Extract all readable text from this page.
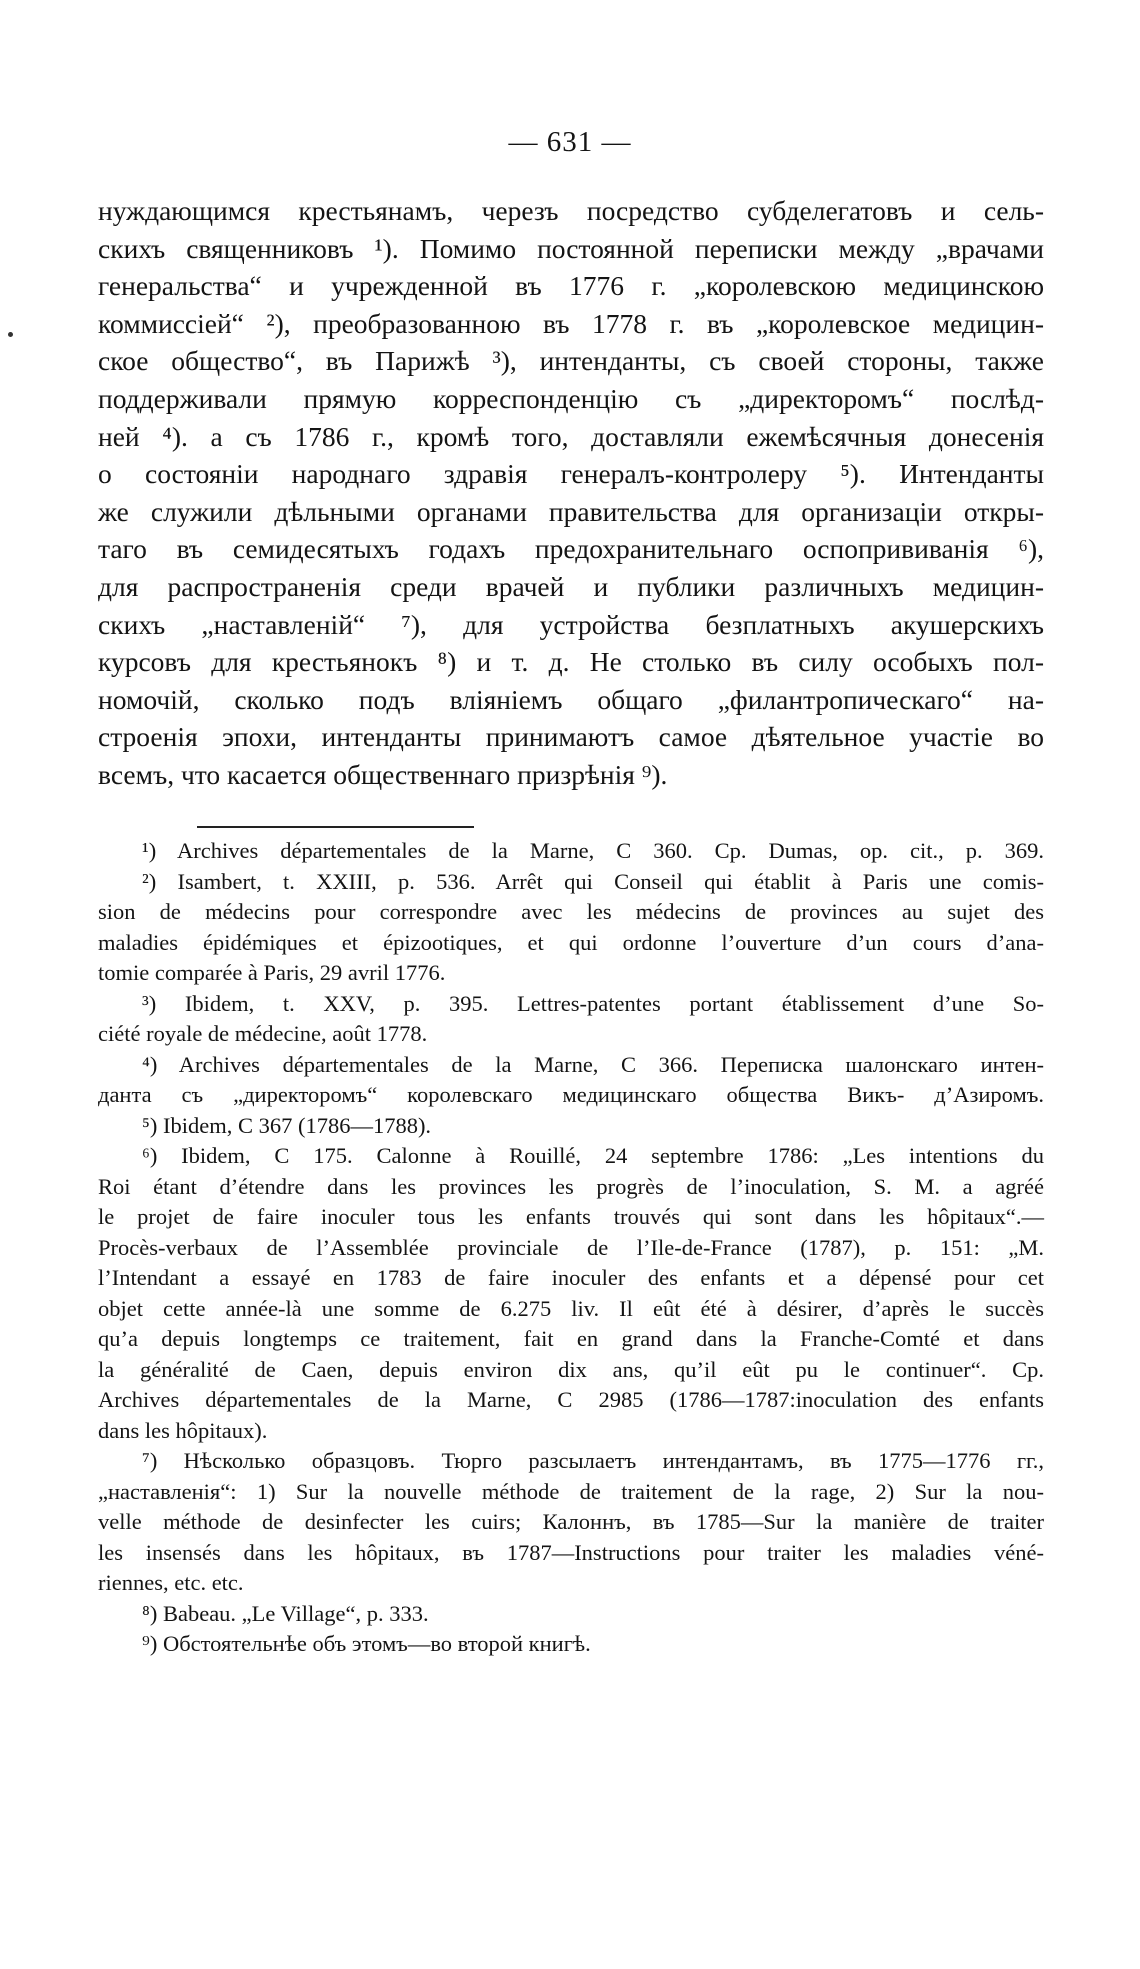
— 631 —
нуждающимся крестьянамъ, черезъ посредство субделегатовъ и сель-
скихъ священниковъ ¹). Помимо постоянной переписки между „врачами
генеральства“ и учрежденной въ 1776 г. „королевскою медицинскою
коммиссіей“ ²), преобразованною въ 1778 г. въ „королевское медицин-
ское общество“, въ Парижѣ ³), интенданты, съ своей стороны, также
поддерживали прямую корреспонденцію съ „директоромъ“ послѣд-
ней ⁴). а съ 1786 г., кромѣ того, доставляли ежемѣсячныя донесенія
о состояніи народнаго здравія генералъ-контролеру ⁵). Интенданты
же служили дѣльными органами правительства для организаціи откры-
таго въ семидесятыхъ годахъ предохранительнаго оспопрививанія ⁶),
для распространенія среди врачей и публики различныхъ медицин-
скихъ „наставленій“ ⁷), для устройства безплатныхъ акушерскихъ
курсовъ для крестьянокъ ⁸) и т. д. Не столько въ силу особыхъ пол-
номочій, сколько подъ вліяніемъ общаго „филантропическаго“ на-
строенія эпохи, интенданты принимаютъ самое дѣятельное участіе во
всемъ, что касается общественнаго призрѣнія ⁹).
¹) Archives départementales de la Marne, C 360. Cp. Dumas, op. cit., p. 369.
²) Isambert, t. XXIII, p. 536. Arrêt qui Conseil qui établit à Paris une comis-
sion de médecins pour correspondre avec les médecins de provinces au sujet des
maladies épidémiques et épizootiques, et qui ordonne l’ouverture d’un cours d’ana-
tomie comparée à Paris, 29 avril 1776.
³) Ibidem, t. XXV, p. 395. Lettres-patentes portant établissement d’une So-
ciété royale de médecine, août 1778.
⁴) Archives départementales de la Marne, C 366. Переписка шалонскаго интен-
данта съ „директоромъ“ королевскаго медицинскаго общества Викъ- д’Азиромъ.
⁵) Ibidem, C 367 (1786—1788).
⁶) Ibidem, C 175. Calonne à Rouillé, 24 septembre 1786: „Les intentions du
Roi étant d’étendre dans les provinces les progrès de l’inoculation, S. M. a agréé
le projet de faire inoculer tous les enfants trouvés qui sont dans les hôpitaux“.—
Procès-verbaux de l’Assemblée provinciale de l’Ile-de-France (1787), p. 151: „M.
l’Intendant a essayé en 1783 de faire inoculer des enfants et a dépensé pour cet
objet cette année-là une somme de 6.275 liv. Il eût été à désirer, d’après le succès
qu’a depuis longtemps ce traitement, fait en grand dans la Franche-Comté et dans
la généralité de Caen, depuis environ dix ans, qu’il eût pu le continuer“. Cp.
Archives départementales de la Marne, C 2985 (1786—1787:inoculation des enfants
dans les hôpitaux).
⁷) Нѣсколько образцовъ. Тюрго разсылаетъ интендантамъ, въ 1775—1776 гг.,
„наставленія“: 1) Sur la nouvelle méthode de traitement de la rage, 2) Sur la nou-
velle méthode de desinfecter les cuirs; Калоннъ, въ 1785—Sur la manière de traiter
les insensés dans les hôpitaux, въ 1787—Instructions pour traiter les maladies véné-
riennes, etc. etc.
⁸) Babeau. „Le Village“, p. 333.
⁹) Обстоятельнѣе объ этомъ—во второй книгѣ.
